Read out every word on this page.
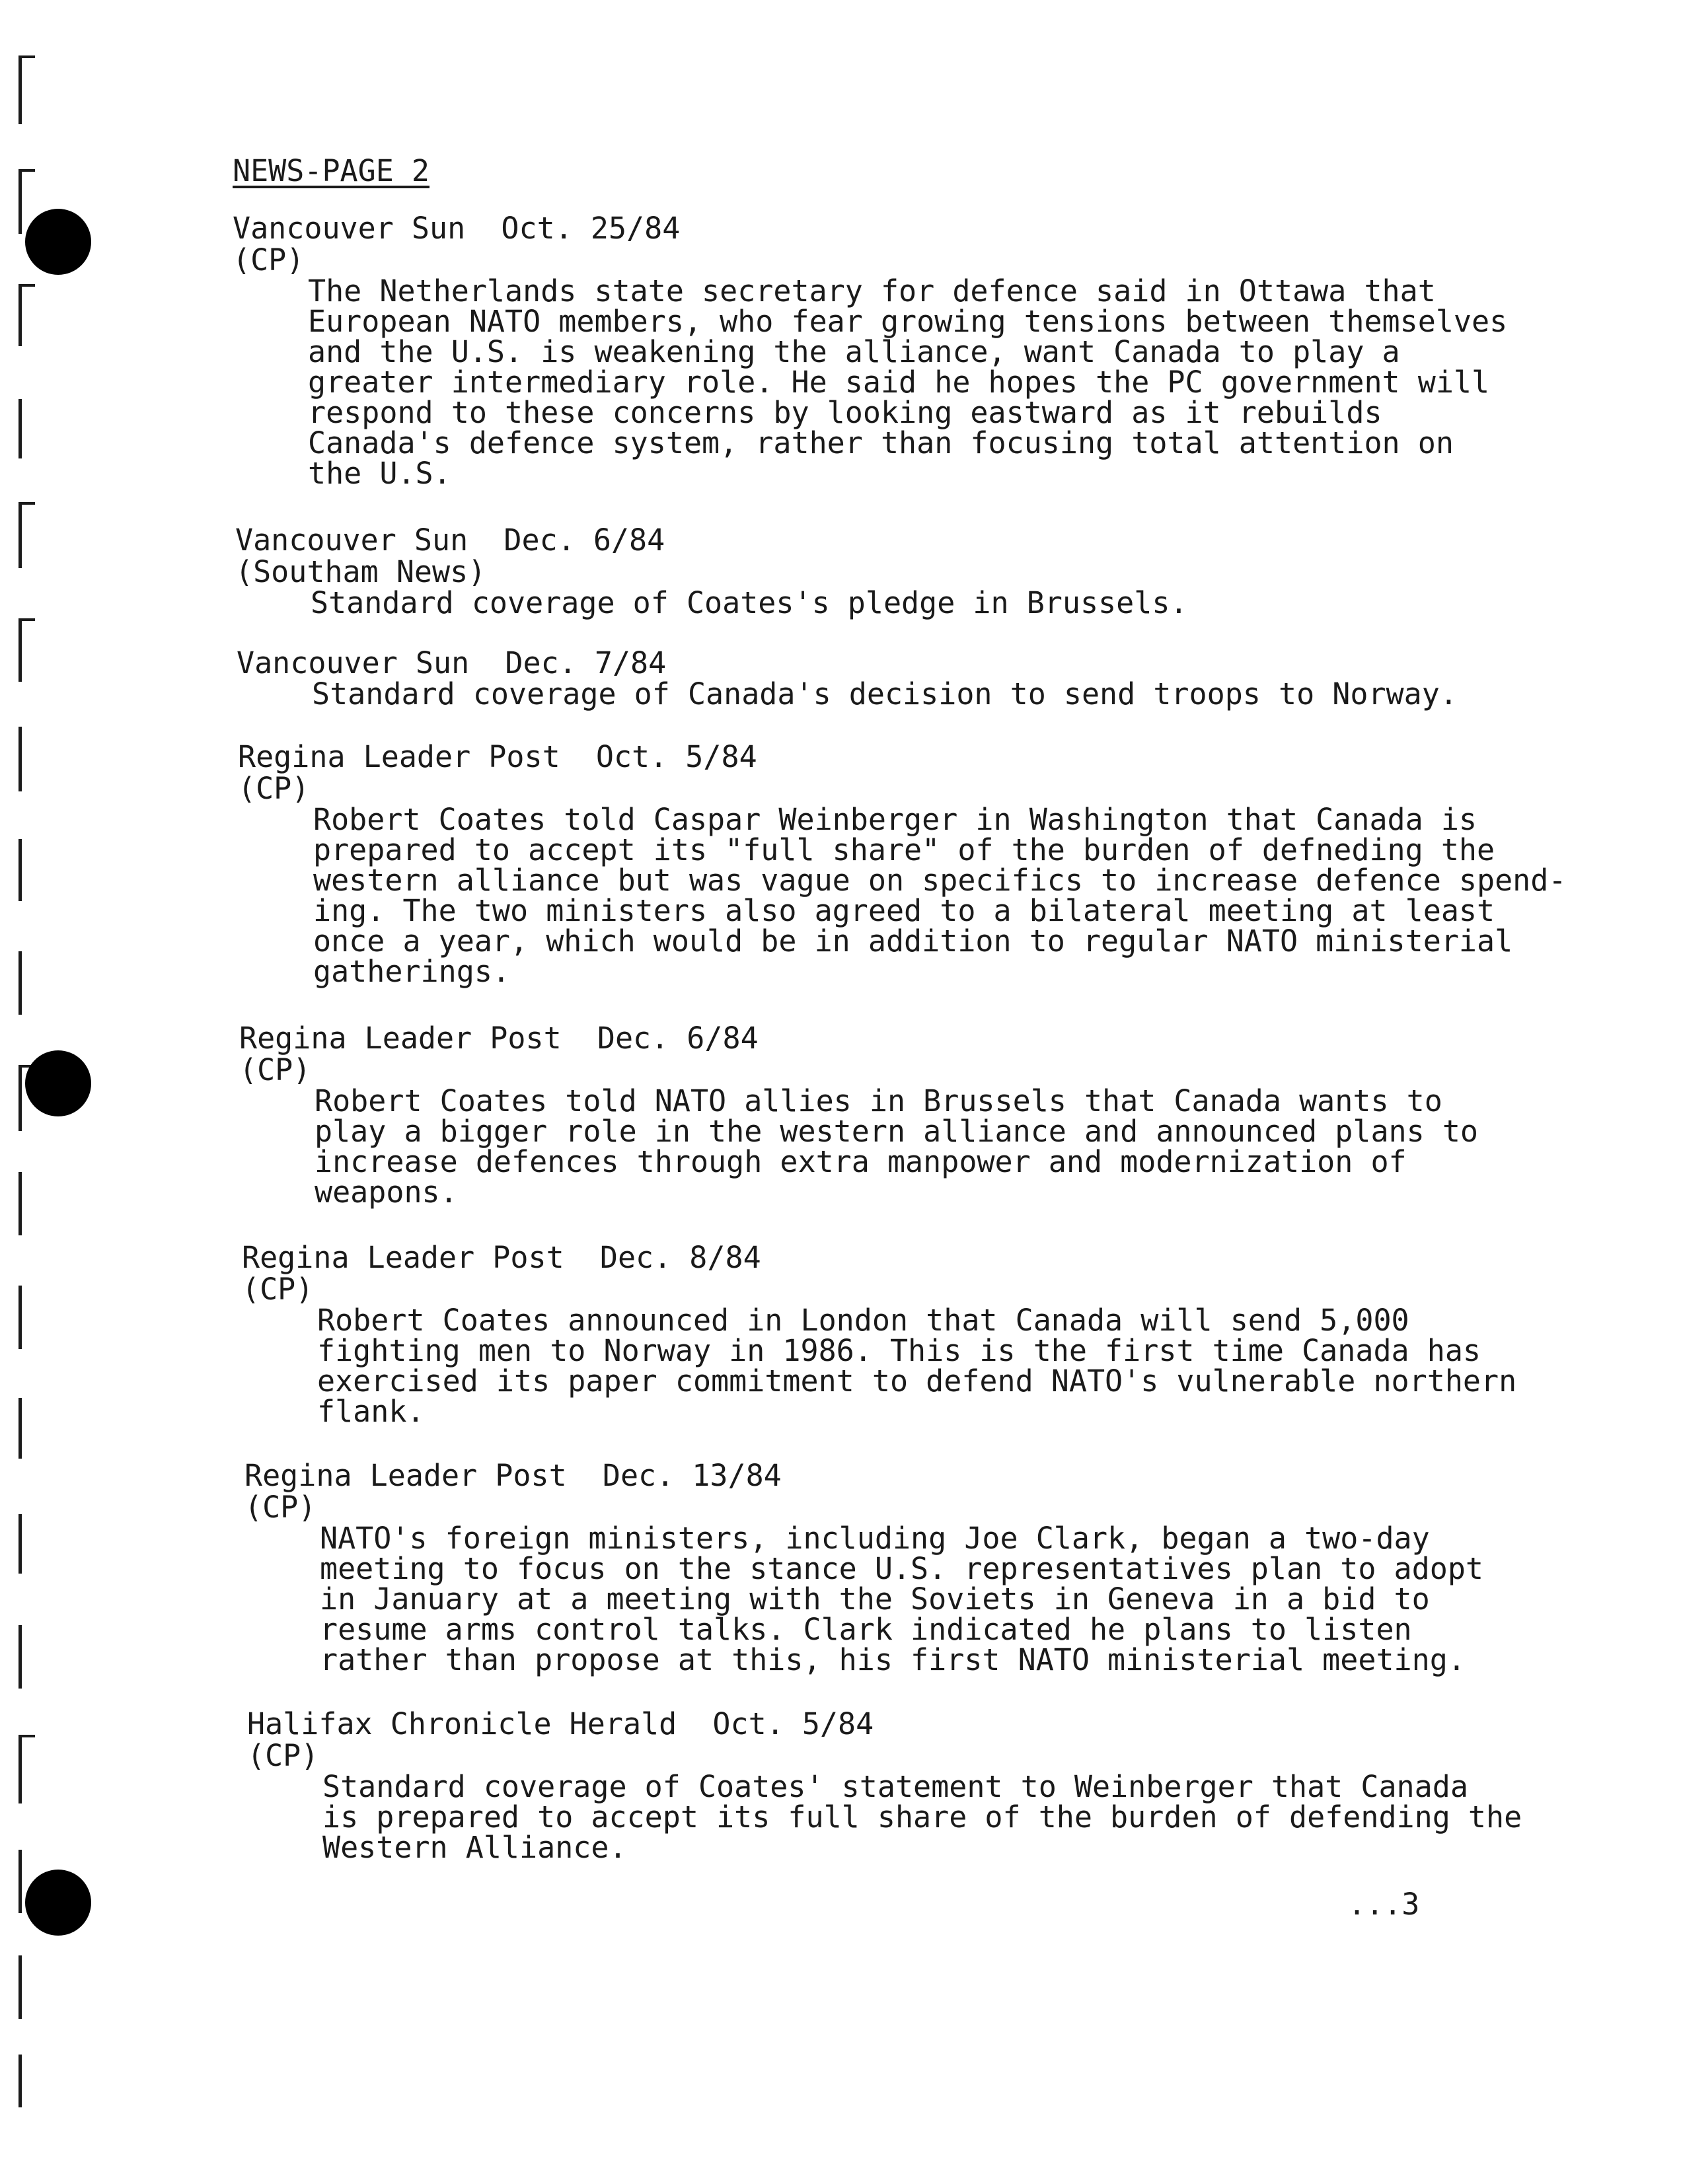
NEWS-PAGE 2
Vancouver Sun  Oct. 25/84
(CP)
The Netherlands state secretary for defence said in Ottawa that
European NATO members, who fear growing tensions between themselves
and the U.S. is weakening the alliance, want Canada to play a
greater intermediary role. He said he hopes the PC government will
respond to these concerns by looking eastward as it rebuilds
Canada's defence system, rather than focusing total attention on
the U.S.
Vancouver Sun  Dec. 6/84
(Southam News)
Standard coverage of Coates's pledge in Brussels.
Vancouver Sun  Dec. 7/84
Standard coverage of Canada's decision to send troops to Norway.
Regina Leader Post  Oct. 5/84
(CP)
Robert Coates told Caspar Weinberger in Washington that Canada is
prepared to accept its "full share" of the burden of defneding the
western alliance but was vague on specifics to increase defence spend-
ing. The two ministers also agreed to a bilateral meeting at least
once a year, which would be in addition to regular NATO ministerial
gatherings.
Regina Leader Post  Dec. 6/84
(CP)
Robert Coates told NATO allies in Brussels that Canada wants to
play a bigger role in the western alliance and announced plans to
increase defences through extra manpower and modernization of
weapons.
Regina Leader Post  Dec. 8/84
(CP)
Robert Coates announced in London that Canada will send 5,000
fighting men to Norway in 1986. This is the first time Canada has
exercised its paper commitment to defend NATO's vulnerable northern
flank.
Regina Leader Post  Dec. 13/84
(CP)
NATO's foreign ministers, including Joe Clark, began a two-day
meeting to focus on the stance U.S. representatives plan to adopt
in January at a meeting with the Soviets in Geneva in a bid to
resume arms control talks. Clark indicated he plans to listen
rather than propose at this, his first NATO ministerial meeting.
Halifax Chronicle Herald  Oct. 5/84
(CP)
Standard coverage of Coates' statement to Weinberger that Canada
is prepared to accept its full share of the burden of defending the
Western Alliance.
...3
